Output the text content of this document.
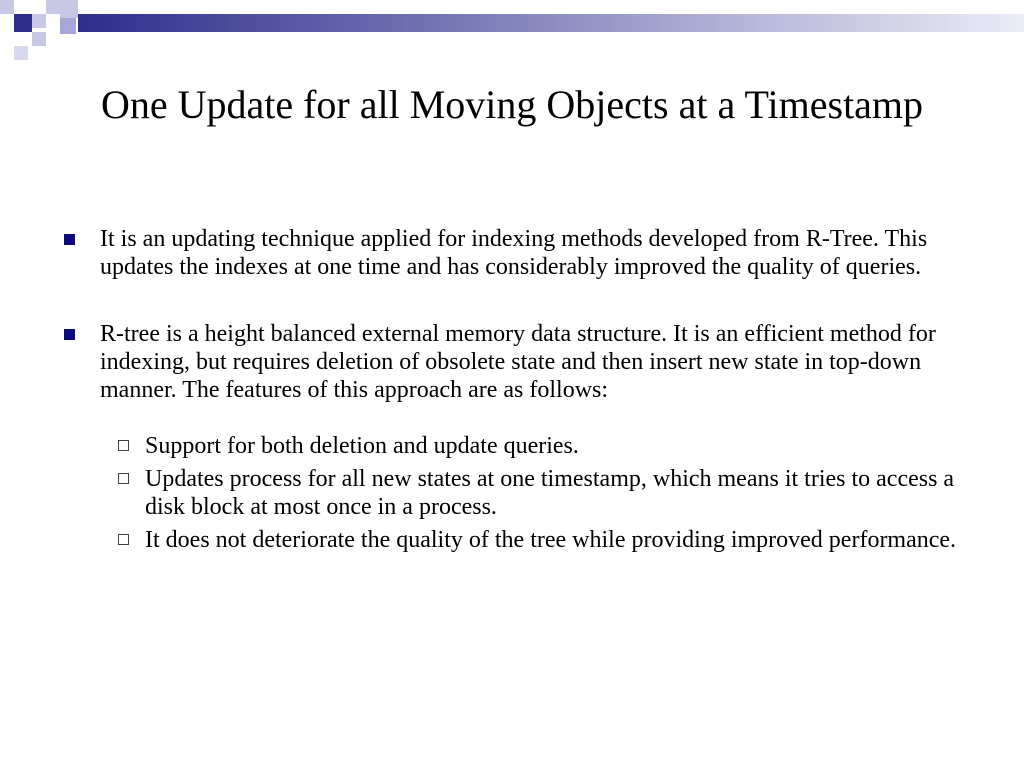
One Update for all Moving Objects at a Timestamp
It is an updating technique applied for indexing methods developed from R-Tree. This updates the indexes at one time and has considerably improved the quality of queries.
R-tree is a height balanced external memory data structure. It is an efficient method for indexing, but requires deletion of obsolete state and then insert new state in top-down manner. The features of this approach are as follows:
Support for both deletion and update queries.
Updates process for all new states at one timestamp, which means it tries to access a disk block at most once in a process.
It does not deteriorate the quality of the tree while providing improved performance.
